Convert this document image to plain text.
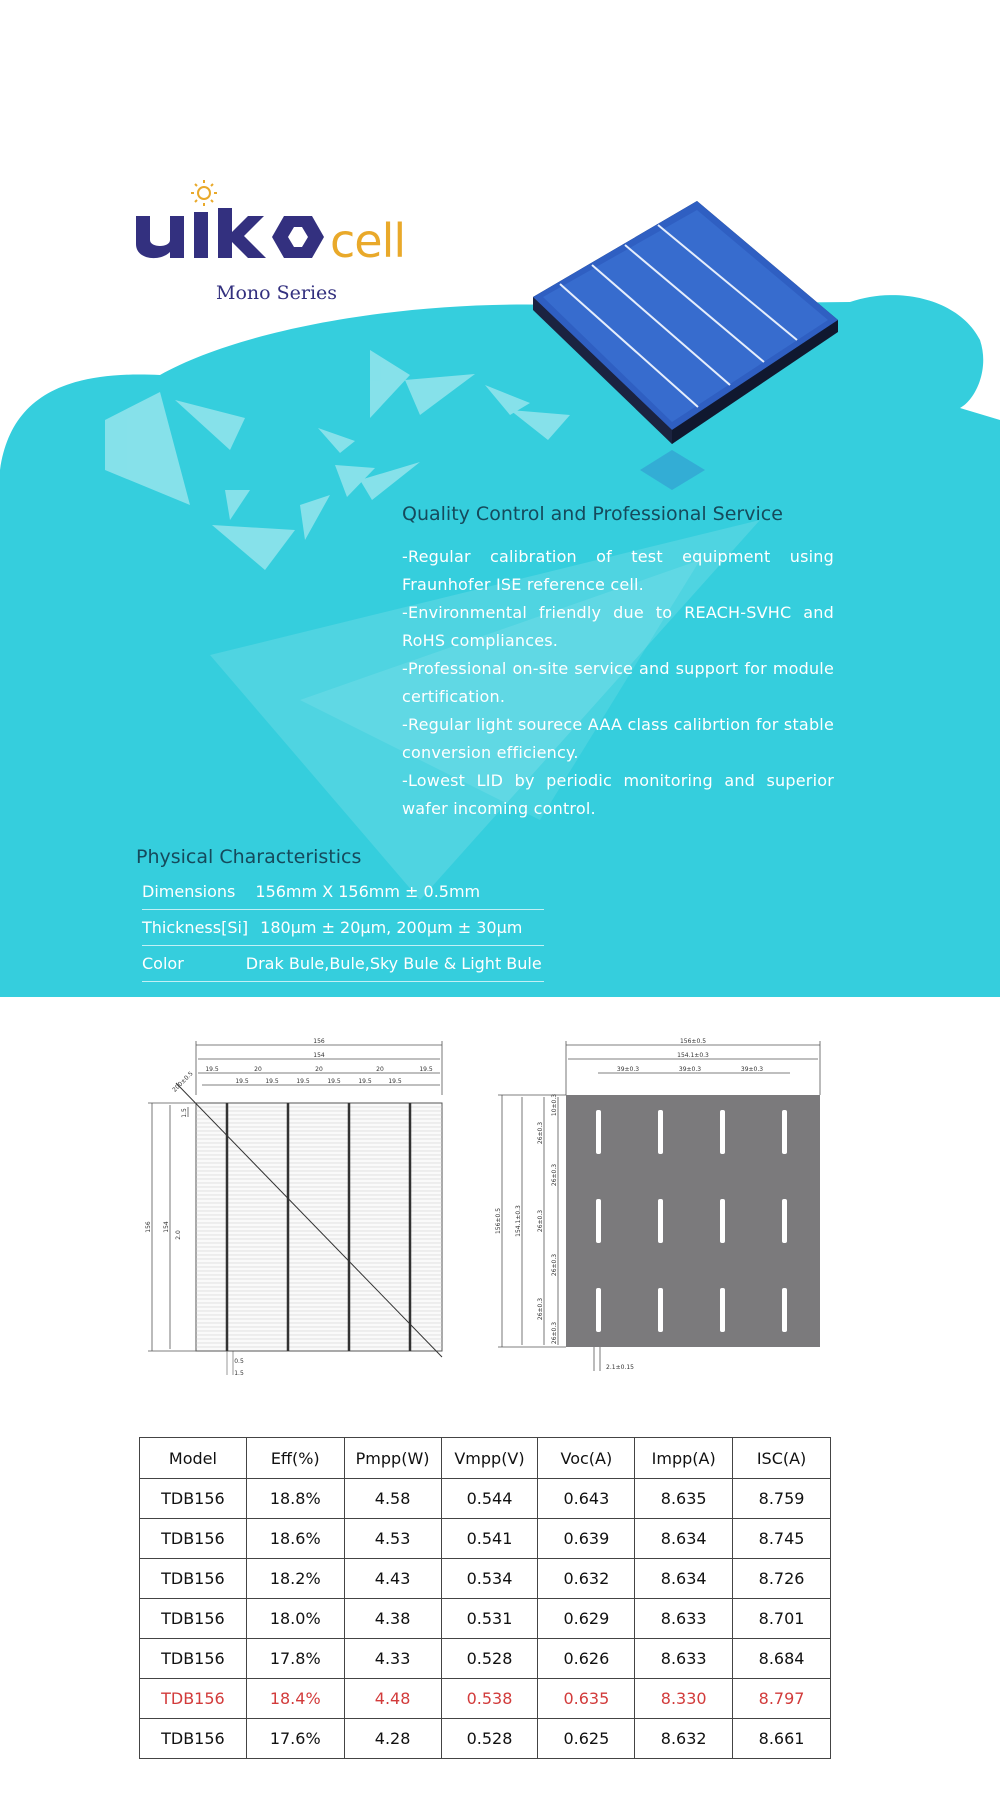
cell
Mono Series
Quality Control and Professional Service
-Regular calibration of test equipment using Fraunhofer ISE reference cell.
-Environmental friendly due to REACH-SVHC and RoHS compliances.
-Professional on-site service and support for module certification.
-Regular light sourece AAA class calibrtion for stable conversion efficiency.
-Lowest LID by periodic monitoring and superior wafer incoming control.
Physical Characteristics
Dimensions 156mm X 156mm ± 0.5mm
Thickness[Si] 180μm ± 20μm, 200μm ± 30μm
Color	Drak Bule,Bule,Sky Bule & Light Bule
156
154
19.5	20	20	20	19.5
19.5	19.5	19.5	19.5	19.5	19.5
200±0.5
156 154
1.5
2.0
0.5
1.5
156±0.5
154.1±0.3
39±0.3	39±0.3	39±0.3
156±0.5 154.1±0.3
26±0.3
26±0.3
26±0.3
10±0.3
26±0.3
26±0.3
26±0.3
2.1±0.15
Model	Eff(%)	Pmpp(W)	Vmpp(V)	Voc(A)	Impp(A)	ISC(A)
TDB156	18.8%	4.58	0.544	0.643	8.635	8.759
TDB156	18.6%	4.53	0.541	0.639	8.634	8.745
TDB156	18.2%	4.43	0.534	0.632	8.634	8.726
TDB156	18.0%	4.38	0.531	0.629	8.633	8.701
TDB156	17.8%	4.33	0.528	0.626	8.633	8.684
TDB156	18.4%	4.48	0.538	0.635	8.330	8.797
TDB156	17.6%	4.28	0.528	0.625	8.632	8.661
